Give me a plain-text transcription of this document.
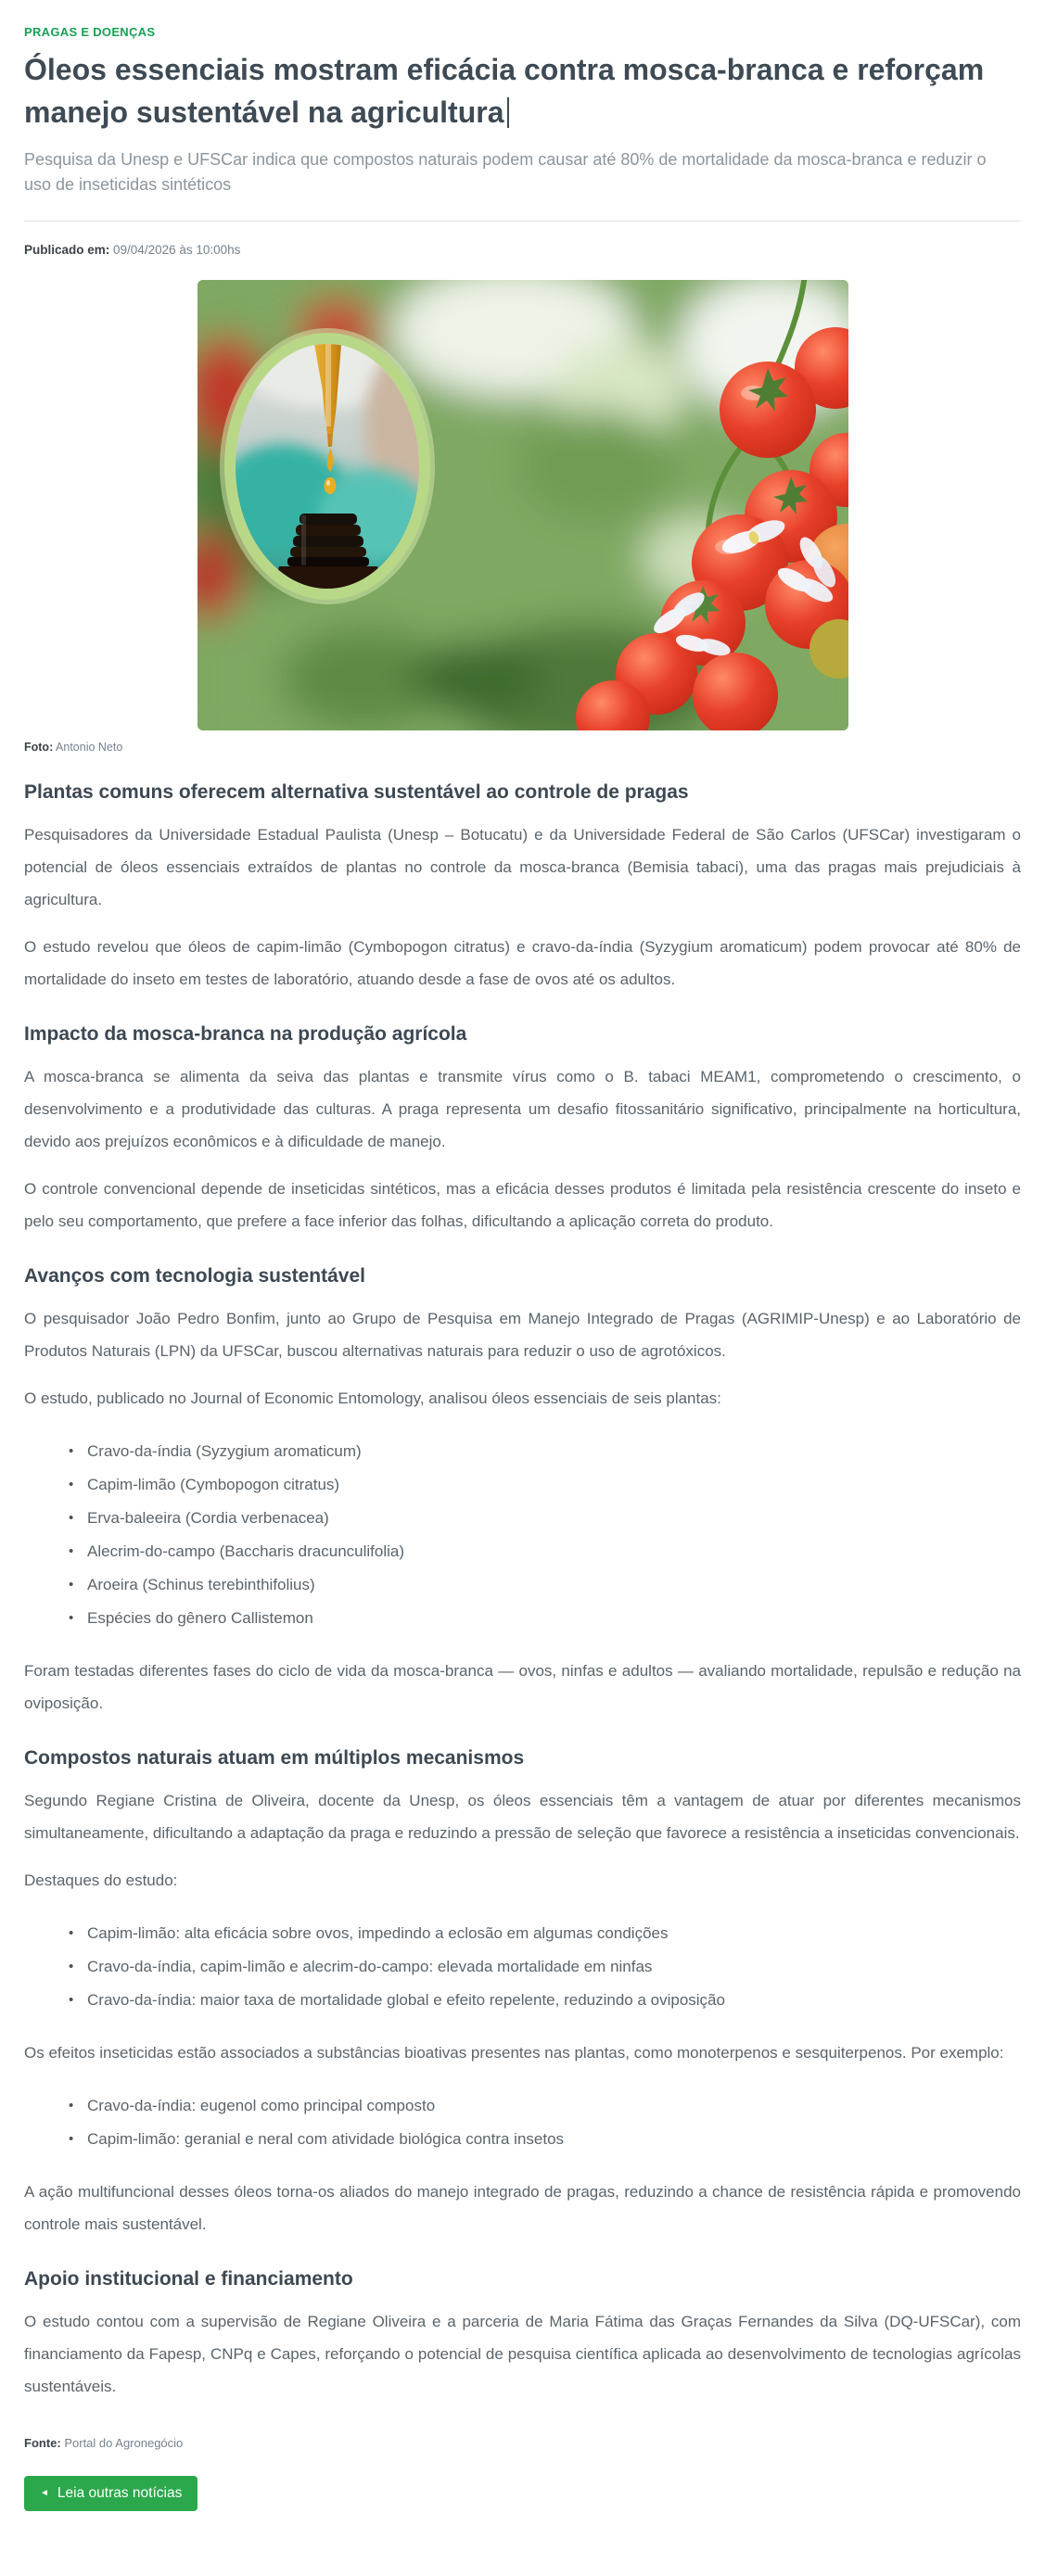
PRAGAS E DOENÇAS
Óleos essenciais mostram eficácia contra mosca-branca e reforçam manejo sustentável na agricultura
Pesquisa da Unesp e UFSCar indica que compostos naturais podem causar até 80% de mortalidade da mosca-branca e reduzir o uso de inseticidas sintéticos
Publicado em: 09/04/2026 às 10:00hs
Foto: Antonio Neto
Plantas comuns oferecem alternativa sustentável ao controle de pragas

Pesquisadores da Universidade Estadual Paulista (Unesp – Botucatu) e da Universidade Federal de São Carlos (UFSCar) investigaram o potencial de óleos essenciais extraídos de plantas no controle da mosca-branca (Bemisia tabaci), uma das pragas mais prejudiciais à agricultura.

O estudo revelou que óleos de capim-limão (Cymbopogon citratus) e cravo-da-índia (Syzygium aromaticum) podem provocar até 80% de mortalidade do inseto em testes de laboratório, atuando desde a fase de ovos até os adultos.

Impacto da mosca-branca na produção agrícola

A mosca-branca se alimenta da seiva das plantas e transmite vírus como o B. tabaci MEAM1, comprometendo o crescimento, o desenvolvimento e a produtividade das culturas. A praga representa um desafio fitossanitário significativo, principalmente na horticultura, devido aos prejuízos econômicos e à dificuldade de manejo.

O controle convencional depende de inseticidas sintéticos, mas a eficácia desses produtos é limitada pela resistência crescente do inseto e pelo seu comportamento, que prefere a face inferior das folhas, dificultando a aplicação correta do produto.

Avanços com tecnologia sustentável

O pesquisador João Pedro Bonfim, junto ao Grupo de Pesquisa em Manejo Integrado de Pragas (AGRIMIP-Unesp) e ao Laboratório de Produtos Naturais (LPN) da UFSCar, buscou alternativas naturais para reduzir o uso de agrotóxicos.

O estudo, publicado no Journal of Economic Entomology, analisou óleos essenciais de seis plantas:

• Cravo-da-índia (Syzygium aromaticum)
• Capim-limão (Cymbopogon citratus)
• Erva-baleeira (Cordia verbenacea)
• Alecrim-do-campo (Baccharis dracunculifolia)
• Aroeira (Schinus terebinthifolius)
• Espécies do gênero Callistemon

Foram testadas diferentes fases do ciclo de vida da mosca-branca — ovos, ninfas e adultos — avaliando mortalidade, repulsão e redução na oviposição.

Compostos naturais atuam em múltiplos mecanismos

Segundo Regiane Cristina de Oliveira, docente da Unesp, os óleos essenciais têm a vantagem de atuar por diferentes mecanismos simultaneamente, dificultando a adaptação da praga e reduzindo a pressão de seleção que favorece a resistência a inseticidas convencionais.

Destaques do estudo:

• Capim-limão: alta eficácia sobre ovos, impedindo a eclosão em algumas condições
• Cravo-da-índia, capim-limão e alecrim-do-campo: elevada mortalidade em ninfas
• Cravo-da-índia: maior taxa de mortalidade global e efeito repelente, reduzindo a oviposição

Os efeitos inseticidas estão associados a substâncias bioativas presentes nas plantas, como monoterpenos e sesquiterpenos. Por exemplo:

• Cravo-da-índia: eugenol como principal composto
• Capim-limão: geranial e neral com atividade biológica contra insetos

A ação multifuncional desses óleos torna-os aliados do manejo integrado de pragas, reduzindo a chance de resistência rápida e promovendo controle mais sustentável.

Apoio institucional e financiamento

O estudo contou com a supervisão de Regiane Oliveira e a parceria de Maria Fátima das Graças Fernandes da Silva (DQ-UFSCar), com financiamento da Fapesp, CNPq e Capes, reforçando o potencial de pesquisa científica aplicada ao desenvolvimento de tecnologias agrícolas sustentáveis.

Fonte: Portal do Agronegócio
◄ Leia outras notícias
